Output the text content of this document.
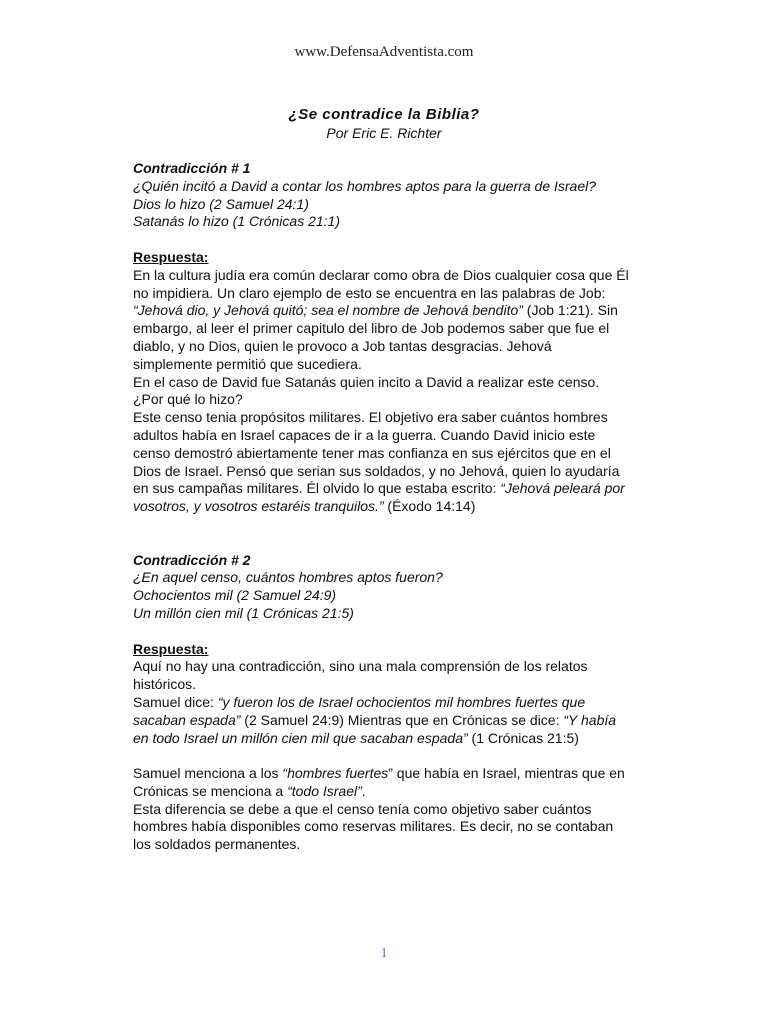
www.DefensaAdventista.com
¿Se contradice la Biblia?
Por Eric E. Richter

Contradicción # 1

¿Quién incitó a David a contar los hombres aptos para la guerra de Israel?

Dios lo hizo (2 Samuel 24:1)

Satanás lo hizo (1 Crónicas 21:1)

Respuesta:

En la cultura judía era común declarar como obra de Dios cualquier cosa que Él no impidiera. Un claro ejemplo de esto se encuentra en las palabras de Job: “Jehová dio, y Jehová quitó; sea el nombre de Jehová bendito” (Job 1:21). Sin embargo, al leer el primer capitulo del libro de Job podemos saber que fue el diablo, y no Dios, quien le provoco a Job tantas desgracias. Jehová simplemente permitió que sucediera.

En el caso de David fue Satanás quien incito a David a realizar este censo. ¿Por qué lo hizo?

Este censo tenia propósitos militares. El objetivo era saber cuántos hombres adultos había en Israel capaces de ir a la guerra. Cuando David inicio este censo demostró abiertamente tener mas confianza en sus ejércitos que en el Dios de Israel. Pensó que serian sus soldados, y no Jehová, quien lo ayudaría en sus campañas militares. Él olvido lo que estaba escrito: “Jehová peleará por vosotros, y vosotros estaréis tranquilos.” (Éxodo 14:14)

Contradicción # 2

¿En aquel censo, cuántos hombres aptos fueron?

Ochocientos mil (2 Samuel 24:9)

Un millón cien mil (1 Crónicas 21:5)

Respuesta:

Aquí no hay una contradicción, sino una mala comprensión de los relatos históricos.

Samuel dice: “y fueron los de Israel ochocientos mil hombres fuertes que sacaban espada” (2 Samuel 24:9) Mientras que en Crónicas se dice: “Y había en todo Israel un millón cien mil que sacaban espada” (1 Crónicas 21:5)

Samuel menciona a los “hombres fuertes” que había en Israel, mientras que en Crónicas se menciona a “todo Israel”.

Esta diferencia se debe a que el censo tenía como objetivo saber cuántos hombres había disponibles como reservas militares. Es decir, no se contaban los soldados permanentes.

1
